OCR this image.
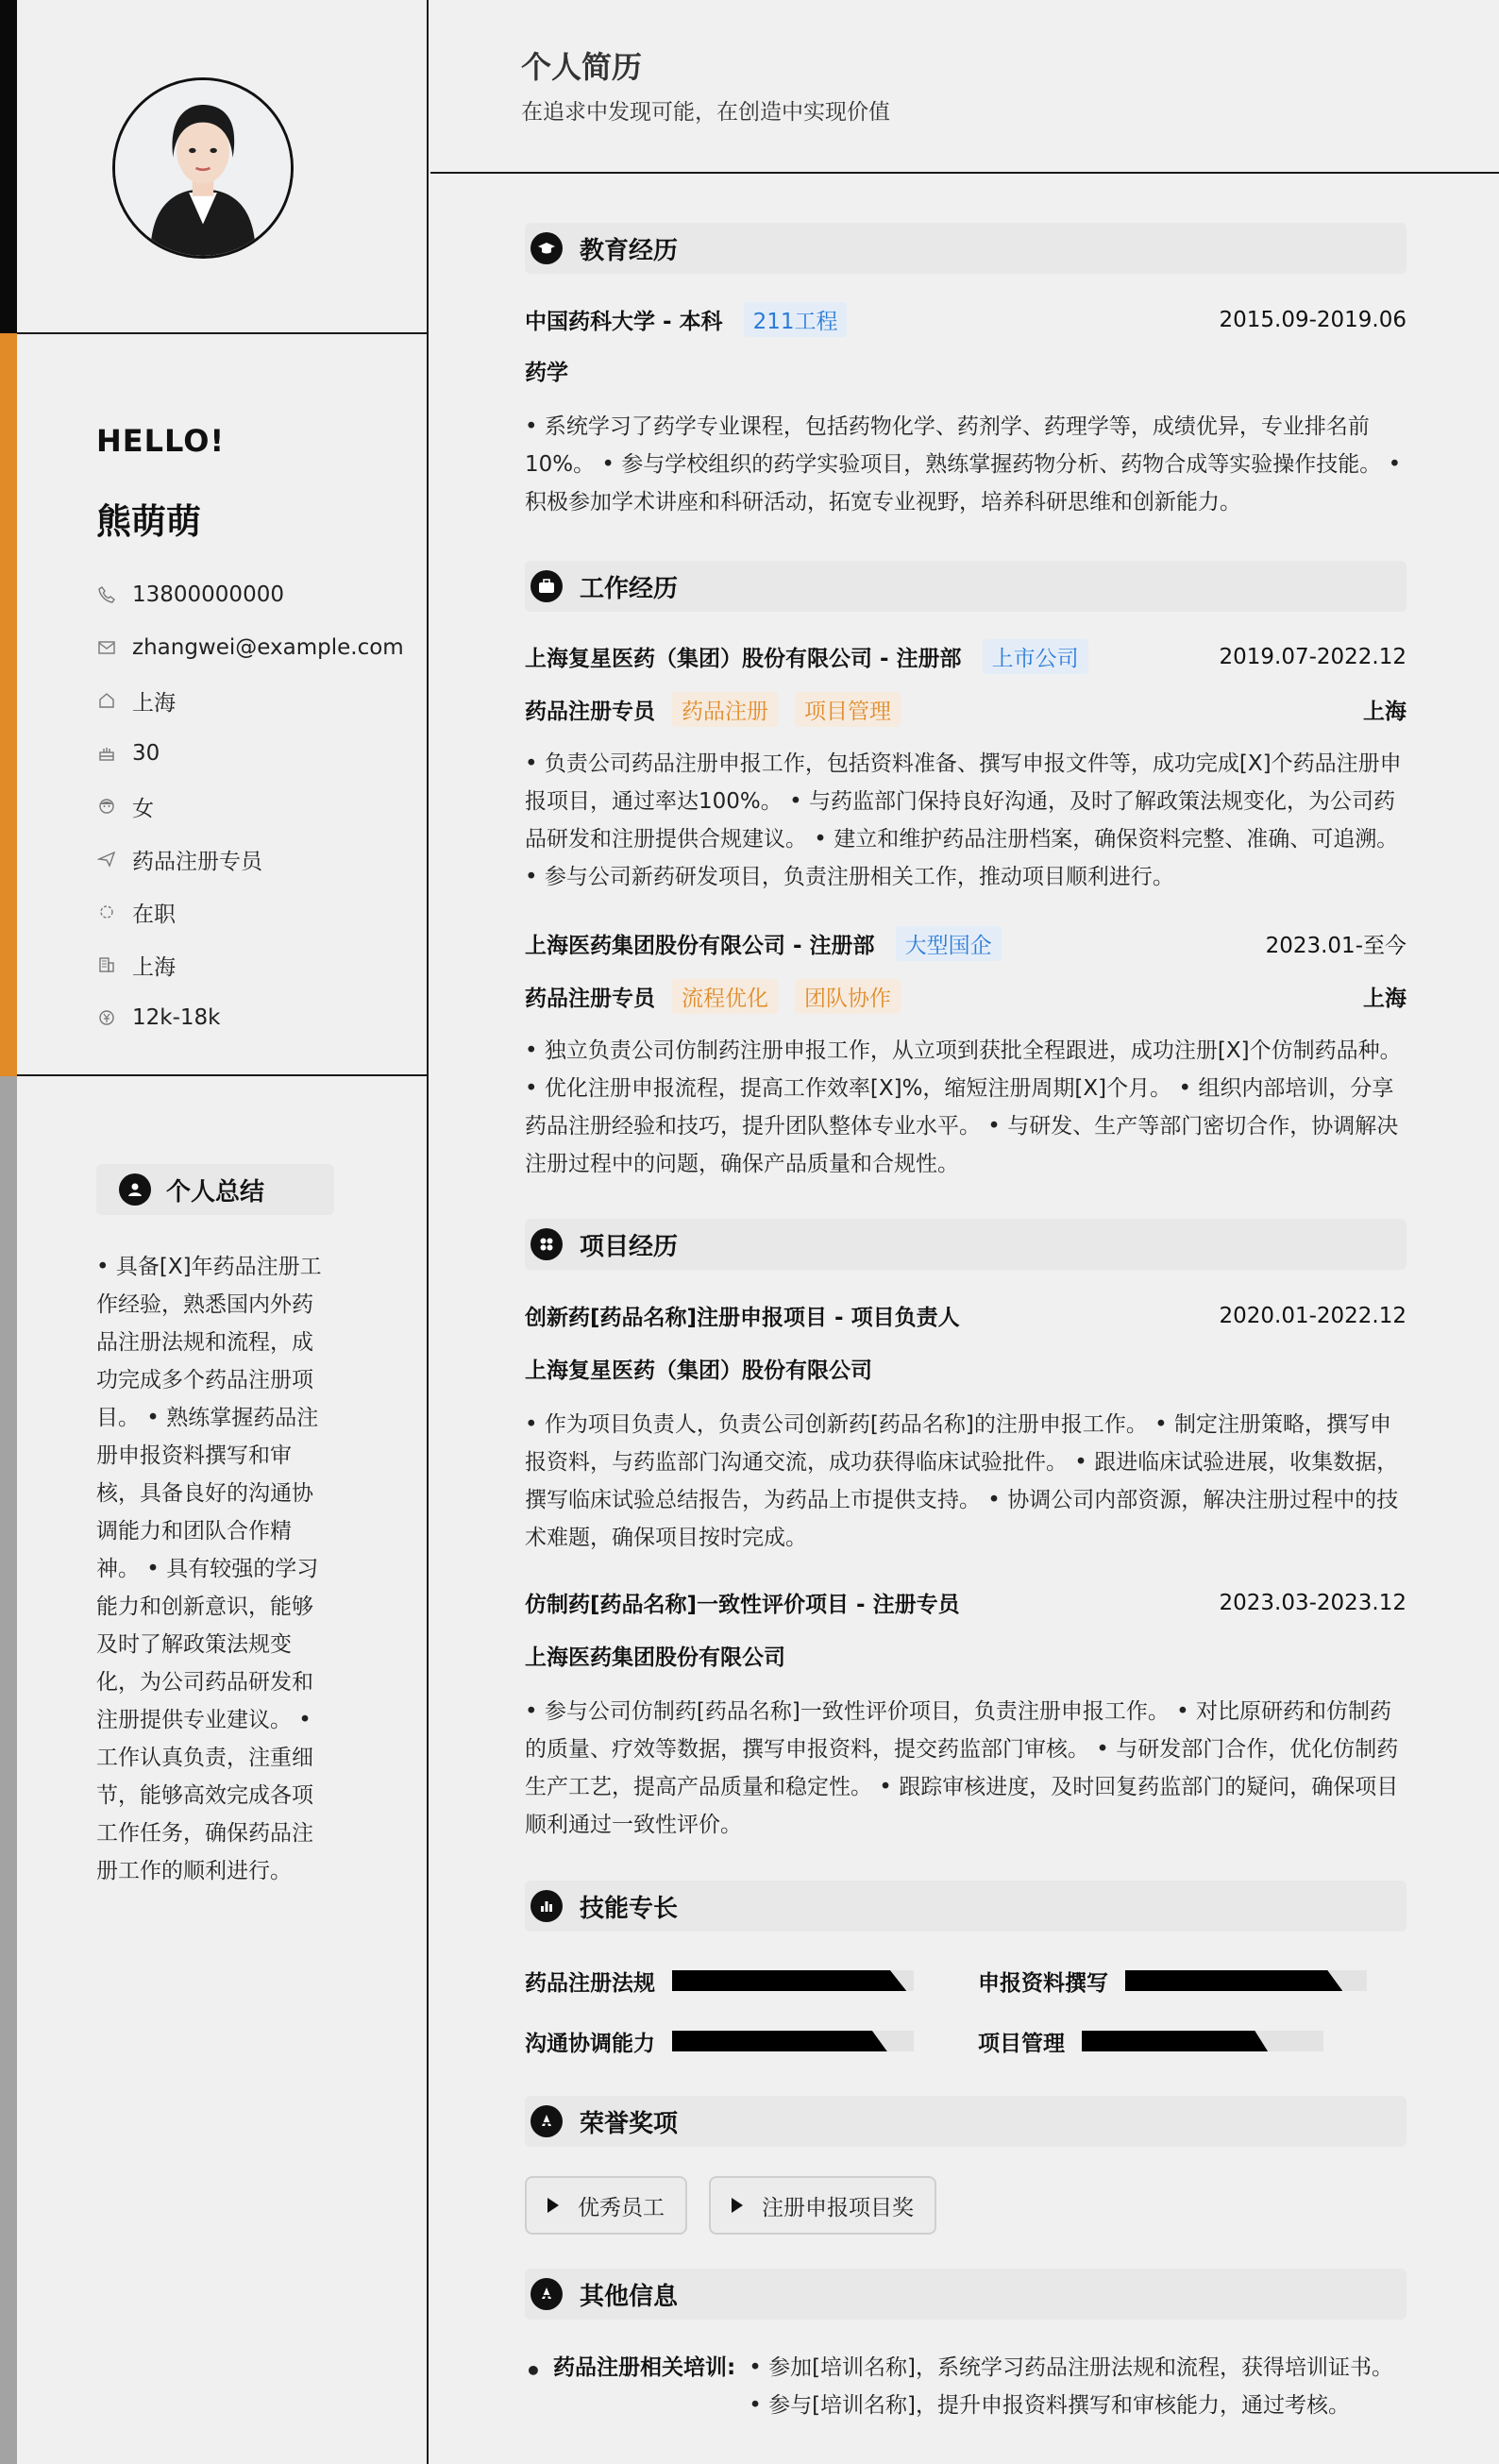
HELLO!
熊萌萌
13800000000
zhangwei@example.com
上海
30
女
药品注册专员
在职
上海
12k-18k
个人总结
• 具备[X]年药品注册工作经验，熟悉国内外药品注册法规和流程，成功完成多个药品注册项目。 • 熟练掌握药品注册申报资料撰写和审核，具备良好的沟通协调能力和团队合作精神。 • 具有较强的学习能力和创新意识，能够及时了解政策法规变化，为公司药品研发和注册提供专业建议。 • 工作认真负责，注重细节，能够高效完成各项工作任务，确保药品注册工作的顺利进行。
个人简历
在追求中发现可能，在创造中实现价值
教育经历
中国药科大学 - 本科	211工程	2015.09-2019.06
药学
• 系统学习了药学专业课程，包括药物化学、药剂学、药理学等，成绩优异，专业排名前10%。 • 参与学校组织的药学实验项目，熟练掌握药物分析、药物合成等实验操作技能。 • 积极参加学术讲座和科研活动，拓宽专业视野，培养科研思维和创新能力。
工作经历
上海复星医药（集团）股份有限公司 - 注册部	上市公司	2019.07-2022.12
药品注册专员	药品注册	项目管理	上海
• 负责公司药品注册申报工作，包括资料准备、撰写申报文件等，成功完成[X]个药品注册申报项目，通过率达100%。 • 与药监部门保持良好沟通，及时了解政策法规变化，为公司药品研发和注册提供合规建议。 • 建立和维护药品注册档案，确保资料完整、准确、可追溯。 • 参与公司新药研发项目，负责注册相关工作，推动项目顺利进行。
上海医药集团股份有限公司 - 注册部	大型国企	2023.01-至今
药品注册专员	流程优化	团队协作	上海
• 独立负责公司仿制药注册申报工作，从立项到获批全程跟进，成功注册[X]个仿制药品种。 • 优化注册申报流程，提高工作效率[X]%，缩短注册周期[X]个月。 • 组织内部培训，分享药品注册经验和技巧，提升团队整体专业水平。 • 与研发、生产等部门密切合作，协调解决注册过程中的问题，确保产品质量和合规性。
项目经历
创新药[药品名称]注册申报项目 - 项目负责人	2020.01-2022.12
上海复星医药（集团）股份有限公司
• 作为项目负责人，负责公司创新药[药品名称]的注册申报工作。 • 制定注册策略，撰写申报资料，与药监部门沟通交流，成功获得临床试验批件。 • 跟进临床试验进展，收集数据，撰写临床试验总结报告，为药品上市提供支持。 • 协调公司内部资源，解决注册过程中的技术难题，确保项目按时完成。
仿制药[药品名称]一致性评价项目 - 注册专员	2023.03-2023.12
上海医药集团股份有限公司
• 参与公司仿制药[药品名称]一致性评价项目，负责注册申报工作。 • 对比原研药和仿制药的质量、疗效等数据，撰写申报资料，提交药监部门审核。 • 与研发部门合作，优化仿制药生产工艺，提高产品质量和稳定性。 • 跟踪审核进度，及时回复药监部门的疑问，确保项目顺利通过一致性评价。
技能专长
药品注册法规	申报资料撰写
沟通协调能力	项目管理
荣誉奖项
优秀员工	注册申报项目奖
其他信息
• 药品注册相关培训: • 参加[培训名称]，系统学习药品注册法规和流程，获得培训证书。 • 参与[培训名称]，提升申报资料撰写和审核能力，通过考核。
